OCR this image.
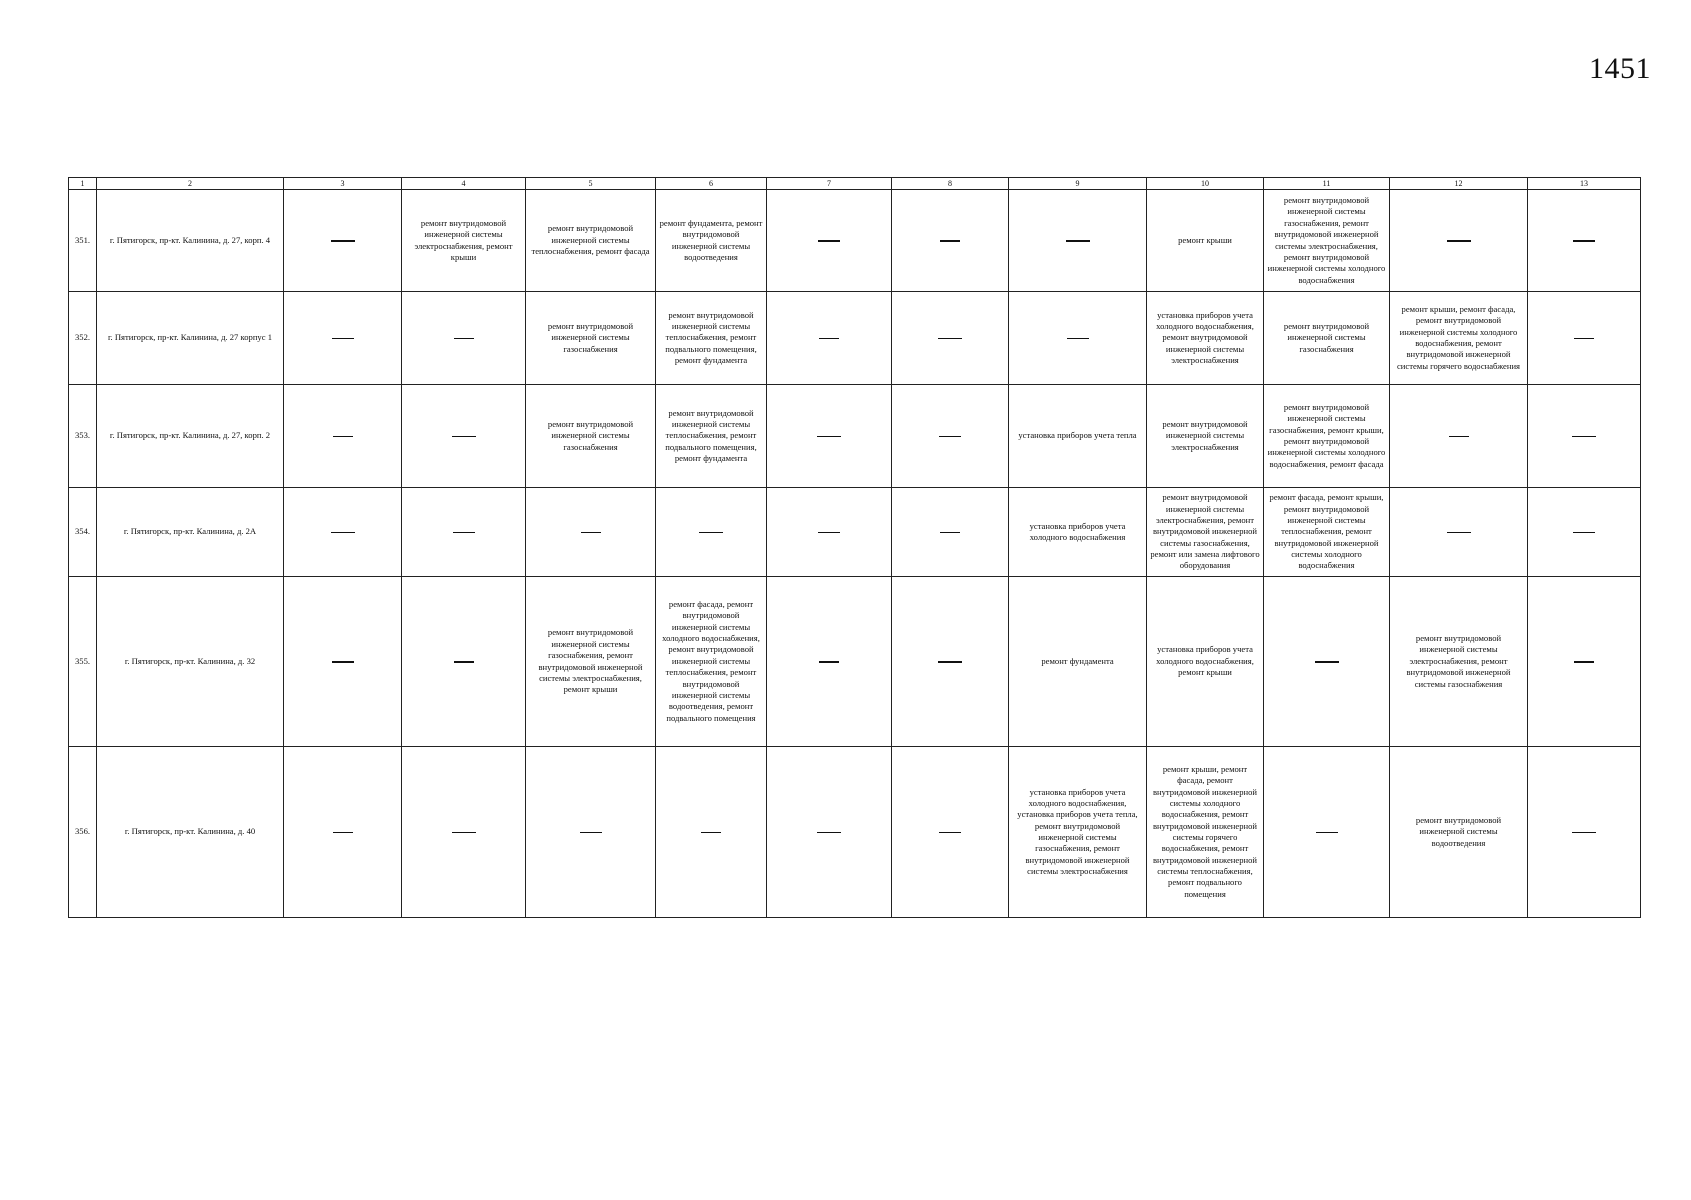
1451
1	2	3	4	5	6	7	8	9	10	11	12	13
351.	г. Пятигорск, пр-кт. Калинина, д. 27, корп. 4		ремонт внутридомовой инженерной системы электроснабжения, ремонт крыши	ремонт внутридомовой инженерной системы теплоснабжения, ремонт фасада	ремонт фундамента, ремонт внутридомовой инженерной системы водоотведения				ремонт крыши	ремонт внутридомовой инженерной системы газоснабжения, ремонт внутридомовой инженерной системы электроснабжения, ремонт внутридомовой инженерной системы холодного водоснабжения		
352.	г. Пятигорск, пр-кт. Калинина, д. 27 корпус 1			ремонт внутридомовой инженерной системы газоснабжения	ремонт внутридомовой инженерной системы теплоснабжения, ремонт подвального помещения, ремонт фундамента				установка приборов учета холодного водоснабжения, ремонт внутридомовой инженерной системы электроснабжения	ремонт внутридомовой инженерной системы газоснабжения	ремонт крыши, ремонт фасада, ремонт внутридомовой инженерной системы холодного водоснабжения, ремонт внутридомовой инженерной системы горячего водоснабжения	
353.	г. Пятигорск, пр-кт. Калинина, д. 27, корп. 2			ремонт внутридомовой инженерной системы газоснабжения	ремонт внутридомовой инженерной системы теплоснабжения, ремонт подвального помещения, ремонт фундамента			установка приборов учета тепла	ремонт внутридомовой инженерной системы электроснабжения	ремонт внутридомовой инженерной системы газоснабжения, ремонт крыши, ремонт внутридомовой инженерной системы холодного водоснабжения, ремонт фасада		
354.	г. Пятигорск, пр-кт. Калинина, д. 2А							установка приборов учета холодного водоснабжения	ремонт внутридомовой инженерной системы электроснабжения, ремонт внутридомовой инженерной системы газоснабжения, ремонт или замена лифтового оборудования	ремонт фасада, ремонт крыши, ремонт внутридомовой инженерной системы теплоснабжения, ремонт внутридомовой инженерной системы холодного водоснабжения		
355.	г. Пятигорск, пр-кт. Калинина, д. 32			ремонт внутридомовой инженерной системы газоснабжения, ремонт внутридомовой инженерной системы электроснабжения, ремонт крыши	ремонт фасада, ремонт внутридомовой инженерной системы холодного водоснабжения, ремонт внутридомовой инженерной системы теплоснабжения, ремонт внутридомовой инженерной системы водоотведения, ремонт подвального помещения			ремонт фундамента	установка приборов учета холодного водоснабжения, ремонт крыши		ремонт внутридомовой инженерной системы электроснабжения, ремонт внутридомовой инженерной системы газоснабжения	
356.	г. Пятигорск, пр-кт. Калинина, д. 40							установка приборов учета холодного водоснабжения, установка приборов учета тепла, ремонт внутридомовой инженерной системы газоснабжения, ремонт внутридомовой инженерной системы электроснабжения	ремонт крыши, ремонт фасада, ремонт внутридомовой инженерной системы холодного водоснабжения, ремонт внутридомовой инженерной системы горячего водоснабжения, ремонт внутридомовой инженерной системы теплоснабжения, ремонт подвального помещения		ремонт внутридомовой инженерной системы водоотведения	
